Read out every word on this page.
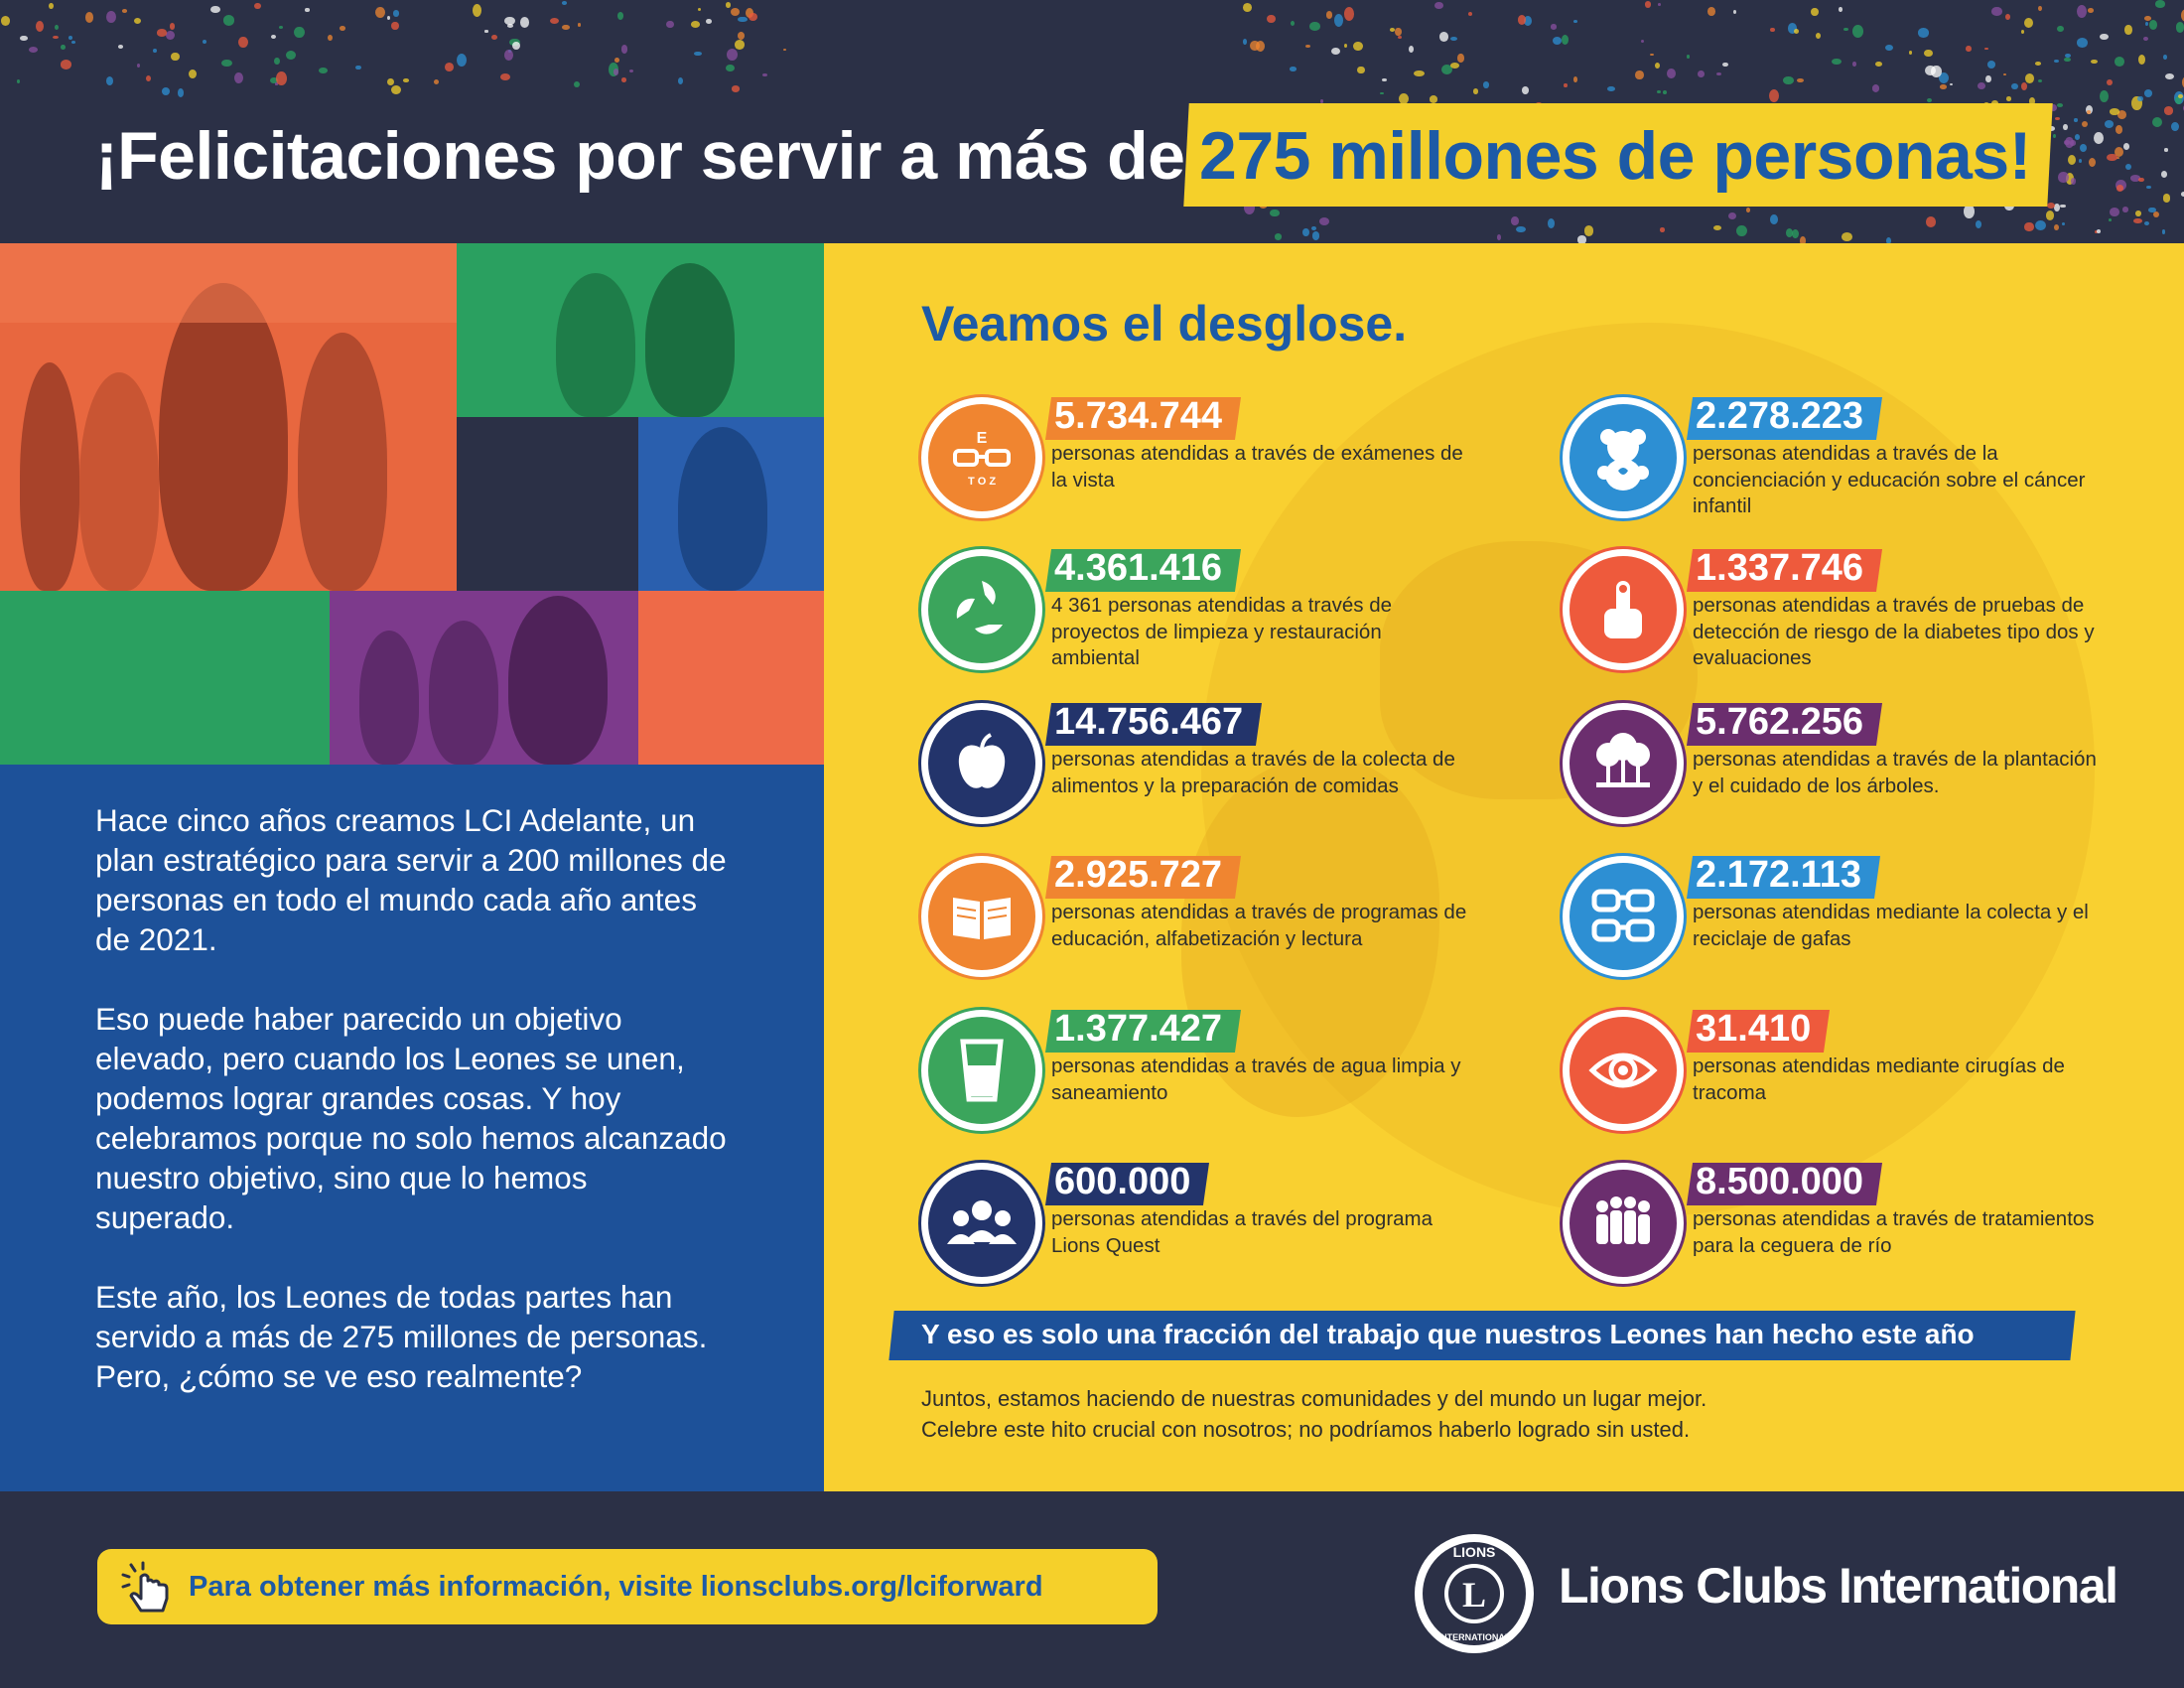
¡Felicitaciones por servir a más de 275 millones de personas!

Hace cinco años creamos LCI Adelante, un plan estratégico para servir a 200 millones de personas en todo el mundo cada año antes de 2021.

Eso puede haber parecido un objetivo elevado, pero cuando los Leones se unen, podemos lograr grandes cosas. Y hoy celebramos porque no solo hemos alcanzado nuestro objetivo, sino que lo hemos superado.

Este año, los Leones de todas partes han servido a más de 275 millones de personas. Pero, ¿cómo se ve eso realmente?

Veamos el desglose.
E
T O Z
5.734.744
personas atendidas a través de exámenes de la vista
2.278.223
personas atendidas a través de la concienciación y educación sobre el cáncer infantil
4.361.416
4 361 personas atendidas a través de proyectos de limpieza y restauración ambiental
1.337.746
personas atendidas a través de pruebas de detección de riesgo de la diabetes tipo dos y evaluaciones
14.756.467
personas atendidas a través de la colecta de alimentos y la preparación de comidas
5.762.256
personas atendidas a través de la plantación y el cuidado de los árboles.
2.925.727
personas atendidas a través de programas de educación, alfabetización y lectura
2.172.113
personas atendidas mediante la colecta y el reciclaje de gafas
1.377.427
personas atendidas a través de agua limpia y saneamiento
31.410
personas atendidas mediante cirugías de tracoma
600.000
personas atendidas a través del programa Lions Quest
8.500.000
personas atendidas a través de tratamientos para la ceguera de río
Y eso es solo una fracción del trabajo que nuestros Leones han hecho este año
Juntos, estamos haciendo de nuestras comunidades y del mundo un lugar mejor.
Celebre este hito crucial con nosotros; no podríamos haberlo logrado sin usted.
Para obtener más información, visite lionsclubs.org/lciforward	L
LIONS
INTERNATIONAL
Lions Clubs International
